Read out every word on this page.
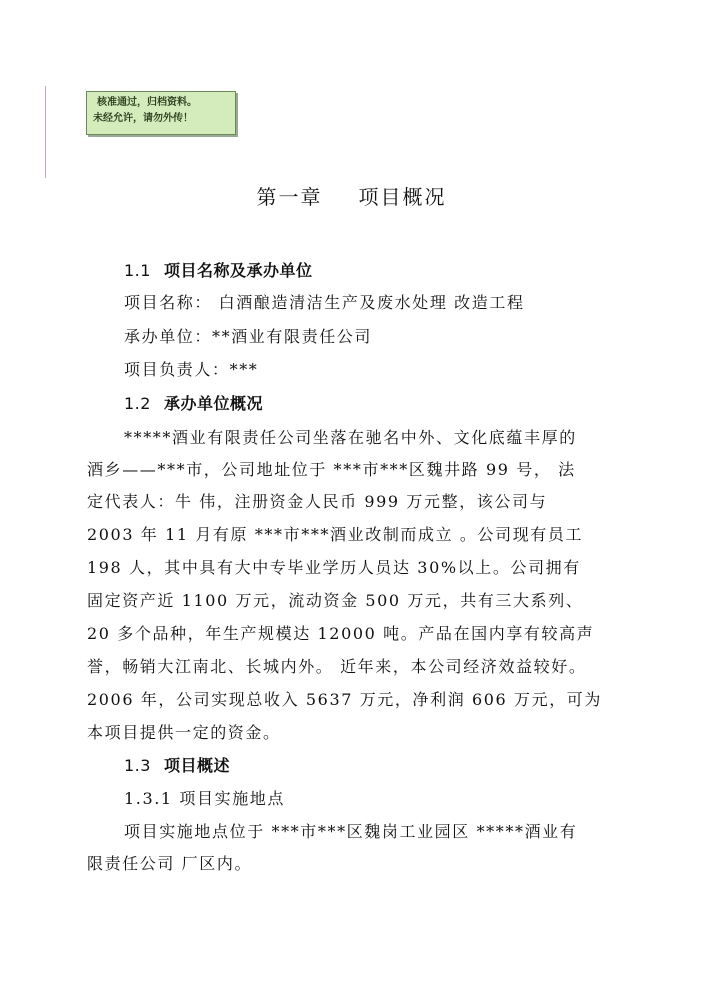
核准通过，归档资料。
未经允许，请勿外传！
第一章 项目概况
1.1 项目名称及承办单位
项目名称： 白酒酿造清洁生产及废水处理 改造工程
承办单位：**酒业有限责任公司
项目负责人：***
1.2 承办单位概况
*****酒业有限责任公司坐落在驰名中外、文化底蕴丰厚的
酒乡——***市，公司地址位于 ***市***区魏井路 99 号， 法
定代表人：牛 伟，注册资金人民币 999 万元整，该公司与
2003 年 11 月有原 ***市***酒业改制而成立 。公司现有员工
198 人，其中具有大中专毕业学历人员达 30%以上。公司拥有
固定资产近 1100 万元，流动资金 500 万元，共有三大系列、
20 多个品种，年生产规模达 12000 吨。产品在国内享有较高声
誉，畅销大江南北、长城内外。 近年来，本公司经济效益较好。
2006 年，公司实现总收入 5637 万元，净利润 606 万元，可为
本项目提供一定的资金。
1.3 项目概述
1.3.1 项目实施地点
项目实施地点位于 ***市***区魏岗工业园区 *****酒业有
限责任公司 厂区内。
